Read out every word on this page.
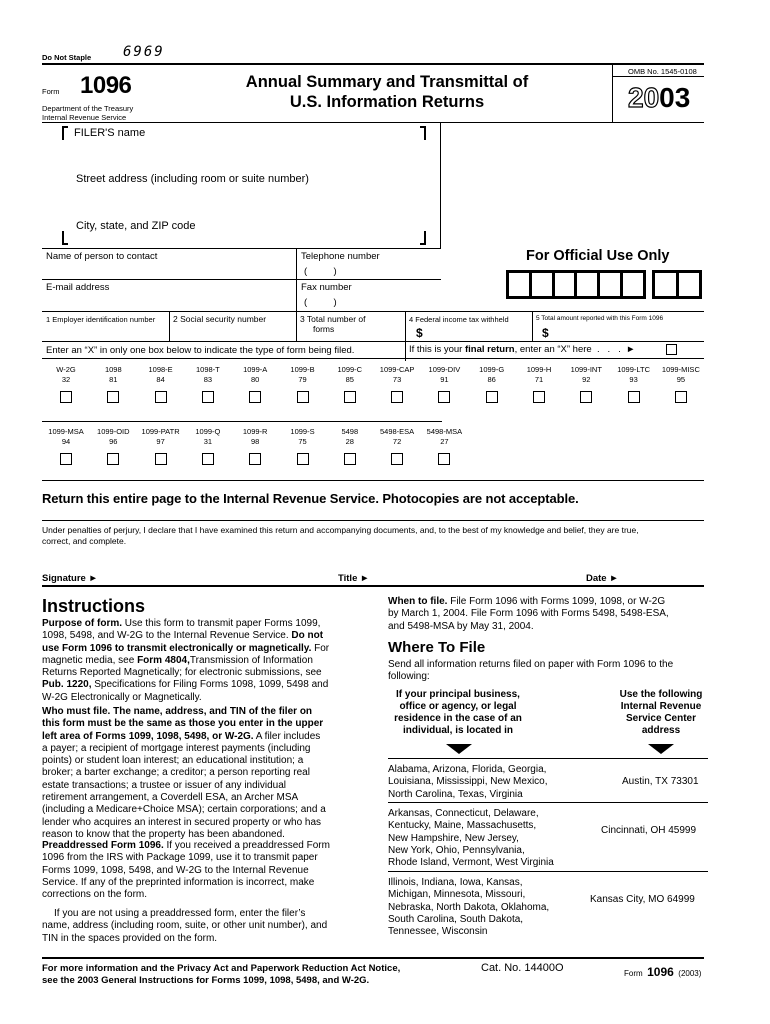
Do Not Staple 6969
Form 1096
Department of the Treasury
Internal Revenue Service
Annual Summary and Transmittal of
U.S. Information Returns
OMB No. 1545-0108
2003
FILER'S name
Street address (including room or suite number)
City, state, and ZIP code
Name of person to contact	Telephone number
(          )
E-mail address	Fax number
(          )
For Official Use Only
1 Employer identification number 2 Social security number	3 Total number of
forms
4 Federal income tax withheld
$
5 Total amount reported with this Form 1096
$
Enter an “X” in only one box below to indicate the type of form being filed.	If this is your final return, enter an “X” here  .   .   .  ►
W-2G
32
1098
81
1098-E
84
1098-T
83
1099-A
80
1099-B
79
1099-C
85
1099-CAP
73
1099-DIV
91
1099-G
86
1099-H
71
1099-INT
92
1099-LTC
93
1099-MISC
95
1099-MSA
94
1099-OID
96
1099-PATR
97
1099-Q
31
1099-R
98
1099-S
75
5498
28
5498-ESA
72
5498-MSA
27
Return this entire page to the Internal Revenue Service. Photocopies are not acceptable.
Under penalties of perjury, I declare that I have examined this return and accompanying documents, and, to the best of my knowledge and belief, they are true,
correct, and complete.
Signature ►	Title ►	Date ►
Instructions
Purpose of form. Use this form to transmit paper Forms 1099,
1098, 5498, and W-2G to the Internal Revenue Service. Do not
use Form 1096 to transmit electronically or magnetically. For
magnetic media, see Form 4804,Transmission of Information
Returns Reported Magnetically; for electronic submissions, see
Pub. 1220, Specifications for Filing Forms 1098, 1099, 5498 and
W-2G Electronically or Magnetically.
Who must file. The name, address, and TIN of the filer on
this form must be the same as those you enter in the upper
left area of Forms 1099, 1098, 5498, or W-2G. A filer includes
a payer; a recipient of mortgage interest payments (including
points) or student loan interest; an educational institution; a
broker; a barter exchange; a creditor; a person reporting real
estate transactions; a trustee or issuer of any individual
retirement arrangement, a Coverdell ESA, an Archer MSA
(including a Medicare+Choice MSA); certain corporations; and a
lender who acquires an interest in secured property or who has
reason to know that the property has been abandoned.
Preaddressed Form 1096. If you received a preaddressed Form
1096 from the IRS with Package 1099, use it to transmit paper
Forms 1099, 1098, 5498, and W-2G to the Internal Revenue
Service. If any of the preprinted information is incorrect, make
corrections on the form.
If you are not using a preaddressed form, enter the filer’s
name, address (including room, suite, or other unit number), and
TIN in the spaces provided on the form.
When to file. File Form 1096 with Forms 1099, 1098, or W-2G
by March 1, 2004. File Form 1096 with Forms 5498, 5498-ESA,
and 5498-MSA by May 31, 2004.
Where To File
Send all information returns filed on paper with Form 1096 to the
following:
If your principal business,
office or agency, or legal
residence in the case of an
individual, is located in
Use the following
Internal Revenue
Service Center
address
Alabama, Arizona, Florida, Georgia,
Louisiana, Mississippi, New Mexico,
North Carolina, Texas, Virginia
Austin, TX 73301
Arkansas, Connecticut, Delaware,
Kentucky, Maine, Massachusetts,
New Hampshire, New Jersey,
New York, Ohio, Pennsylvania,
Rhode Island, Vermont, West Virginia
Cincinnati, OH 45999
Illinois, Indiana, Iowa, Kansas,
Michigan, Minnesota, Missouri,
Nebraska, North Dakota, Oklahoma,
South Carolina, South Dakota,
Tennessee, Wisconsin
Kansas City, MO 64999
For more information and the Privacy Act and Paperwork Reduction Act Notice,
see the 2003 General Instructions for Forms 1099, 1098, 5498, and W-2G.
Cat. No. 14400O	Form 1096 (2003)
